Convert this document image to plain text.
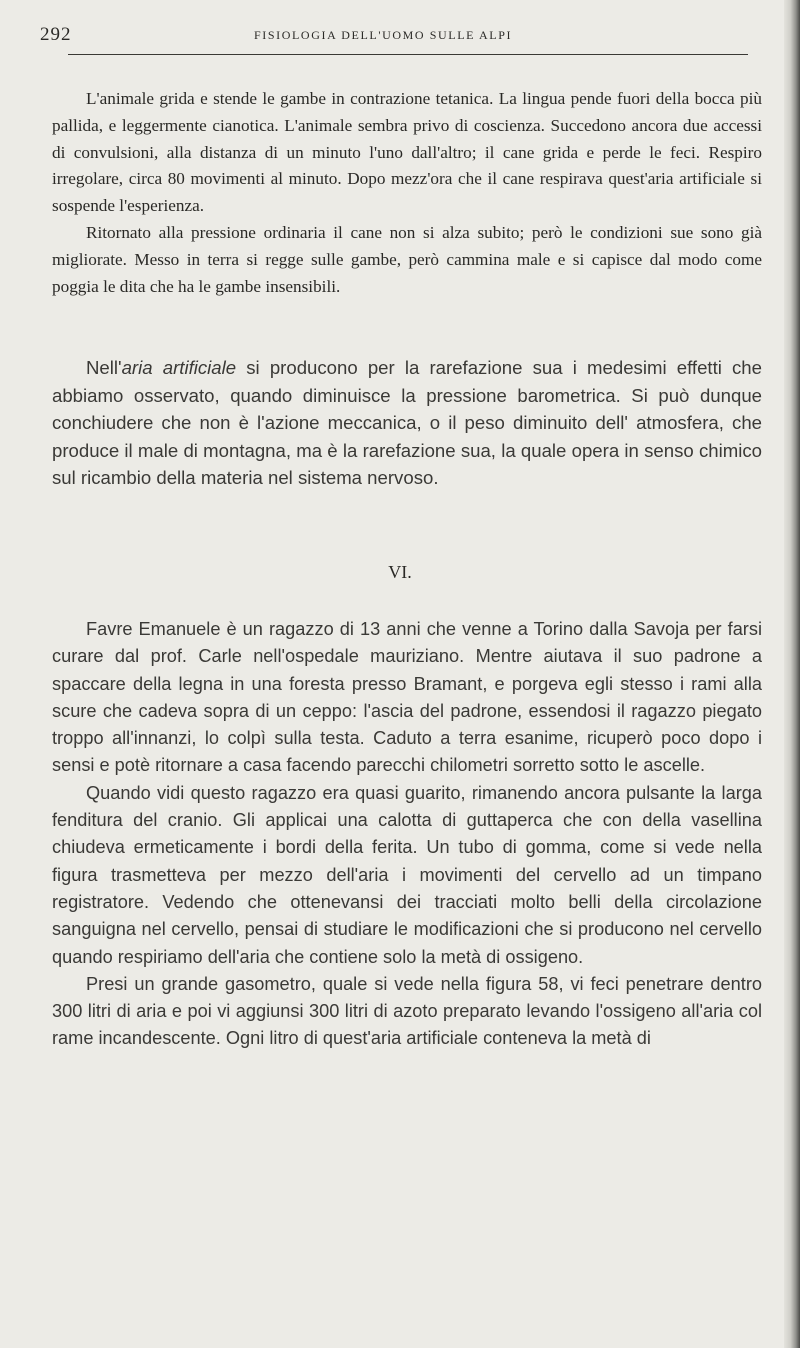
292	FISIOLOGIA DELL'UOMO SULLE ALPI

L'animale grida e stende le gambe in contrazione tetanica. La lingua pende fuori della bocca più pallida, e leggermente cianotica. L'animale sembra privo di coscienza. Succedono ancora due accessi di convulsioni, alla distanza di un minuto l'uno dall'altro; il cane grida e perde le feci. Respiro irregolare, circa 80 movimenti al minuto. Dopo mezz'ora che il cane respirava quest'aria artificiale si sospende l'esperienza.

Ritornato alla pressione ordinaria il cane non si alza subito; però le condizioni sue sono già migliorate. Messo in terra si regge sulle gambe, però cammina male e si capisce dal modo come poggia le dita che ha le gambe insensibili.

Nell'aria artificiale si producono per la rarefazione sua i medesimi effetti che abbiamo osservato, quando diminuisce la pressione barometrica. Si può dunque conchiudere che non è l'azione meccanica, o il peso diminuito dell' atmosfera, che produce il male di montagna, ma è la rarefazione sua, la quale opera in senso chimico sul ricambio della materia nel sistema nervoso.

VI.

Favre Emanuele è un ragazzo di 13 anni che venne a Torino dalla Savoja per farsi curare dal prof. Carle nell'ospedale mauriziano. Mentre aiutava il suo padrone a spaccare della legna in una foresta presso Bramant, e porgeva egli stesso i rami alla scure che cadeva sopra di un ceppo: l'ascia del padrone, essendosi il ragazzo piegato troppo all'innanzi, lo colpì sulla testa. Caduto a terra esanime, ricuperò poco dopo i sensi e potè ritornare a casa facendo parecchi chilometri sorretto sotto le ascelle.

Quando vidi questo ragazzo era quasi guarito, rimanendo ancora pulsante la larga fenditura del cranio. Gli applicai una calotta di guttaperca che con della vasellina chiudeva ermeticamente i bordi della ferita. Un tubo di gomma, come si vede nella figura trasmetteva per mezzo dell'aria i movimenti del cervello ad un timpano registratore. Vedendo che ottenevansi dei tracciati molto belli della circolazione sanguigna nel cervello, pensai di studiare le modificazioni che si producono nel cervello quando respiriamo dell'aria che contiene solo la metà di ossigeno.

Presi un grande gasometro, quale si vede nella figura 58, vi feci penetrare dentro 300 litri di aria e poi vi aggiunsi 300 litri di azoto preparato levando l'ossigeno all'aria col rame incandescente. Ogni litro di quest'aria artificiale conteneva la metà di
